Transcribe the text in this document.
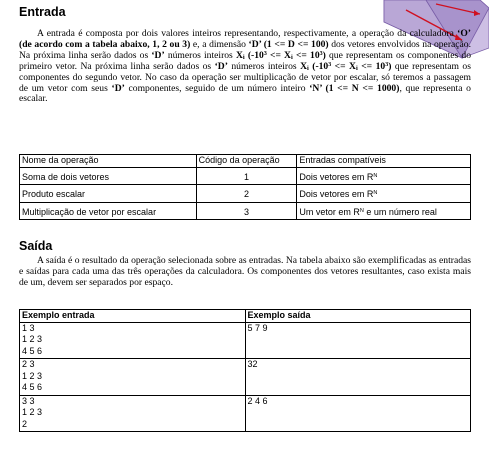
Entrada

A entrada é composta por dois valores inteiros representando, respectivamente, a operação da calculadora ‘O’ (de acordo com a tabela abaixo, 1, 2 ou 3) e, a dimensão ‘D’ (1 <= D <= 100) dos vetores envolvidos na operação. Na próxima linha serão dados os ‘D’ números inteiros $X_i$ $(-10^3 <= X_i <= 10^3)$ que representam os componentes do primeiro vetor. Na próxima linha serão dados os ‘D’ números inteiros $X_i$ $(-10^3 <= X_i <= 10^3)$ que representam os componentes do segundo vetor. No caso da operação ser multiplicação de vetor por escalar, só teremos a passagem de um vetor com seus ‘D’ componentes, seguido de um número inteiro ‘N’ (1 <= N <= 1000), que representa o escalar.

Nome da operação	Código da operação	Entradas compatíveis
Soma de dois vetores	1	Dois vetores em $R^N$
Produto escalar	2	Dois vetores em $R^N$
Multiplicação de vetor por escalar	3	Um vetor em $R^N$ e um número real
Saída

A saída é o resultado da operação selecionada sobre as entradas. Na tabela abaixo são exemplificadas as entradas e saídas para cada uma das três operações da calculadora. Os componentes dos vetores resultantes, caso exista mais de um, devem ser separados por espaço.

Exemplo entrada	Exemplo saída

1 3
1 2 3
4 5 6	5 7 9

2 3
1 2 3
4 5 6	32

3 3
1 2 3
2	2 4 6
